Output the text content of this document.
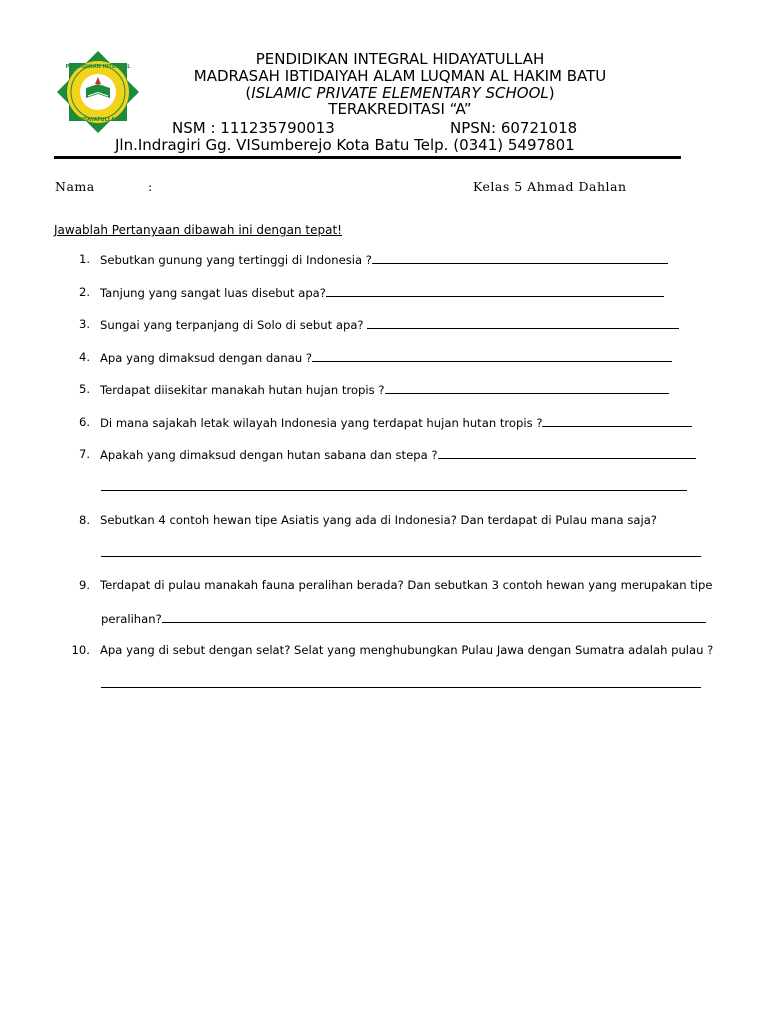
PENDIDIKAN INTEGRAL
HIDAYATULLAH
PENDIDIKAN INTEGRAL HIDAYATULLAH
MADRASAH IBTIDAIYAH ALAM LUQMAN AL HAKIM BATU
(ISLAMIC PRIVATE ELEMENTARY SCHOOL)
TERAKREDITASI “A”
NSM : 111235790013	NPSN: 60721018
Jln.Indragiri Gg. VISumberejo Kota Batu Telp. (0341) 5497801
Nama	:	Kelas 5 Ahmad Dahlan
Jawablah Pertanyaan dibawah ini dengan tepat!
1. Sebutkan gunung yang tertinggi di Indonesia ?
2. Tanjung yang sangat luas disebut apa?
3. Sungai yang terpanjang di Solo di sebut apa?
4. Apa yang dimaksud dengan danau ?
5. Terdapat diisekitar manakah hutan hujan tropis ?
6. Di mana sajakah letak wilayah Indonesia yang terdapat hujan hutan tropis ?
7. Apakah yang dimaksud dengan hutan sabana dan stepa ?
8. Sebutkan 4 contoh hewan tipe Asiatis yang ada di Indonesia? Dan terdapat di Pulau mana saja?
9. Terdapat di pulau manakah fauna peralihan berada? Dan sebutkan 3 contoh hewan yang merupakan tipe
peralihan?
10. Apa yang di sebut dengan selat? Selat yang menghubungkan Pulau Jawa dengan Sumatra adalah pulau ?
